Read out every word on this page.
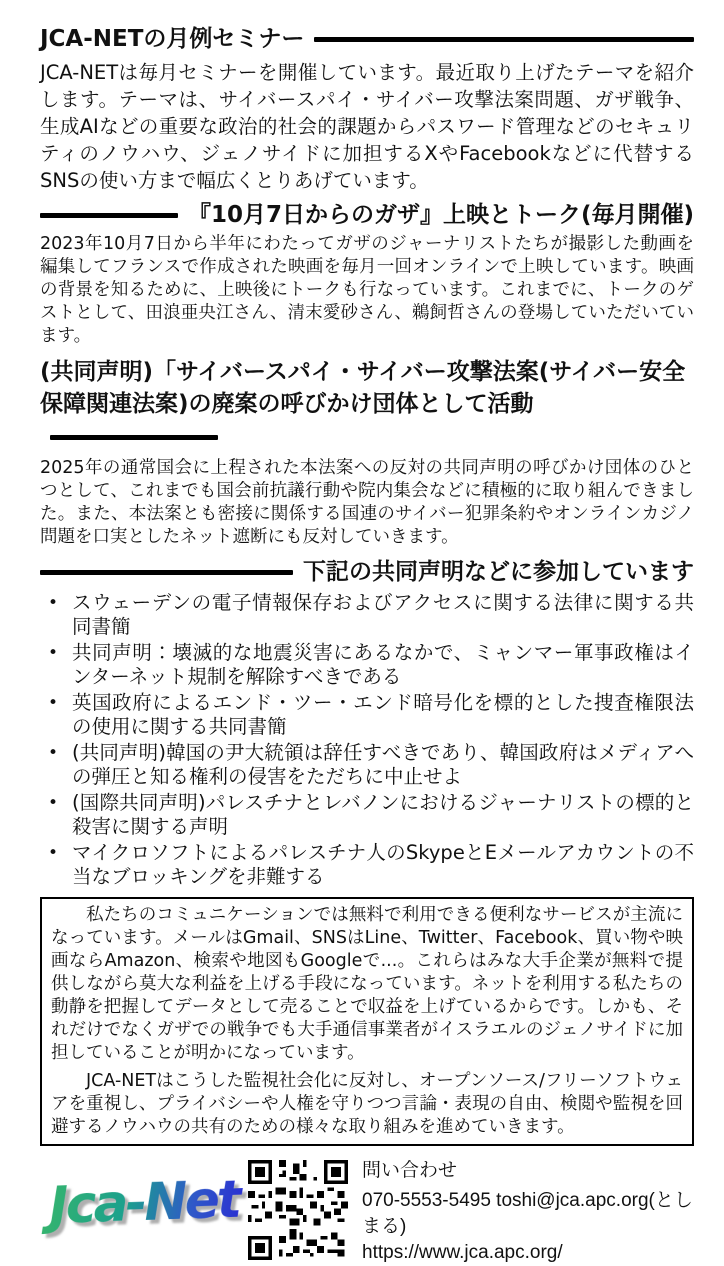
JCA-NETの月例セミナー

JCA-NETは毎月セミナーを開催しています。最近取り上げたテーマを紹介します。テーマは、サイバースパイ・サイバー攻撃法案問題、ガザ戦争、生成AIなどの重要な政治的社会的課題からパスワード管理などのセキュリティのノウハウ、ジェノサイドに加担するXやFacebookなどに代替するSNSの使い方まで幅広くとりあげています。

『10月7日からのガザ』上映とトーク(毎月開催)

2023年10月7日から半年にわたってガザのジャーナリストたちが撮影した動画を編集してフランスで作成された映画を毎月一回オンラインで上映しています。映画の背景を知るために、上映後にトークも行なっています。これまでに、トークのゲストとして、田浪亜央江さん、清末愛砂さん、鵜飼哲さんの登場していただいています。

(共同声明)「サイバースパイ・サイバー攻撃法案(サイバー安全保障関連法案)の廃案の呼びかけ団体として活動

2025年の通常国会に上程された本法案への反対の共同声明の呼びかけ団体のひとつとして、これまでも国会前抗議行動や院内集会などに積極的に取り組んできました。また、本法案とも密接に関係する国連のサイバー犯罪条約やオンラインカジノ問題を口実としたネット遮断にも反対していきます。

下記の共同声明などに参加しています
• スウェーデンの電子情報保存およびアクセスに関する法律に関する共同書簡
• 共同声明：壊滅的な地震災害にあるなかで、ミャンマー軍事政権はインターネット規制を解除すべきである
• 英国政府によるエンド・ツー・エンド暗号化を標的とした捜査権限法の使用に関する共同書簡
• (共同声明)韓国の尹大統領は辞任すべきであり、韓国政府はメディアへの弾圧と知る権利の侵害をただちに中止せよ
• (国際共同声明)パレスチナとレバノンにおけるジャーナリストの標的と殺害に関する声明
• マイクロソフトによるパレスチナ人のSkypeとEメールアカウントの不当なブロッキングを非難する

私たちのコミュニケーションでは無料で利用できる便利なサービスが主流になっています。メールはGmail、SNSはLine、Twitter、Facebook、買い物や映画ならAmazon、検索や地図もGoogleで...。これらはみな大手企業が無料で提供しながら莫大な利益を上げる手段になっています。ネットを利用する私たちの動静を把握してデータとして売ることで収益を上げているからです。しかも、それだけでなくガザでの戦争でも大手通信事業者がイスラエルのジェノサイドに加担していることが明かになっています。

JCA-NETはこうした監視社会化に反対し、オープンソース/フリーソフトウェアを重視し、プライバシーや人権を守りつつ言論・表現の自由、検閲や監視を回避するノウハウの共有のための様々な取り組みを進めていきます。

Jca-Net	問い合わせ
070-5553-5495 toshi@jca.apc.org(としまる)
https://www.jca.apc.org/
